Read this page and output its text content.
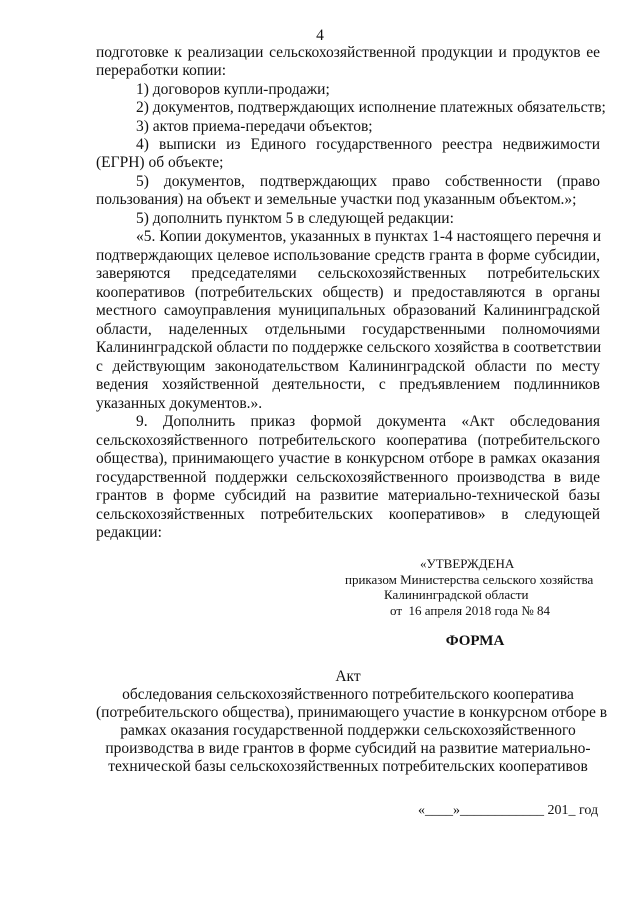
4
подготовке к реализации сельскохозяйственной продукции и продуктов ее
переработки копии:
1) договоров купли-продажи;
2) документов, подтверждающих исполнение платежных обязательств;
3) актов приема-передачи объектов;
4) выписки из Единого государственного реестра недвижимости
(ЕГРН) об объекте;
5) документов, подтверждающих право собственности (право
пользования) на объект и земельные участки под указанным объектом.»;
5) дополнить пунктом 5 в следующей редакции:
«5. Копии документов, указанных в пунктах 1-4 настоящего перечня и
подтверждающих целевое использование средств гранта в форме субсидии,
заверяются председателями сельскохозяйственных потребительских
кооперативов (потребительских обществ) и предоставляются в органы
местного самоуправления муниципальных образований Калининградской
области, наделенных отдельными государственными полномочиями
Калининградской области по поддержке сельского хозяйства в соответствии
с действующим законодательством Калининградской области по месту
ведения хозяйственной деятельности, с предъявлением подлинников
указанных документов.».
9. Дополнить приказ формой документа «Акт обследования
сельскохозяйственного потребительского кооператива (потребительского
общества), принимающего участие в конкурсном отборе в рамках оказания
государственной поддержки сельскохозяйственного производства в виде
грантов в форме субсидий на развитие материально-технической базы
сельскохозяйственных потребительских кооперативов» в следующей
редакции:
«УТВЕРЖДЕНА
приказом Министерства сельского хозяйства
Калининградской области
от  16 апреля 2018 года № 84
ФОРМА
Акт
обследования сельскохозяйственного потребительского кооператива
(потребительского общества), принимающего участие в конкурсном отборе в
рамках оказания государственной поддержки сельскохозяйственного
производства в виде грантов в форме субсидий на развитие материально-
технической базы сельскохозяйственных потребительских кооперативов
«____»____________ 201_ год
